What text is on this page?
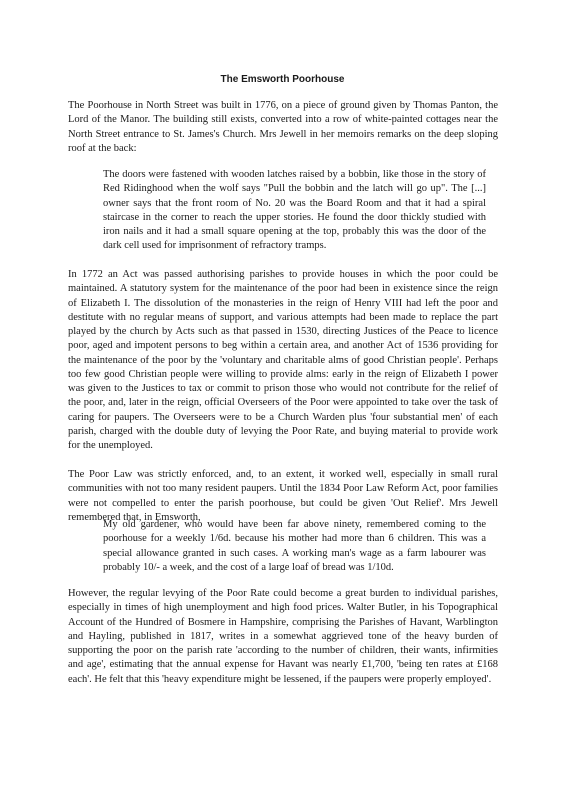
The Emsworth Poorhouse

The Poorhouse in North Street was built in 1776, on a piece of ground given by Thomas Panton, the Lord of the Manor. The building still exists, converted into a row of white-painted cottages near the North Street entrance to St. James's Church. Mrs Jewell in her memoirs remarks on the deep sloping roof at the back:

The doors were fastened with wooden latches raised by a bobbin, like those in the story of Red Ridinghood when the wolf says "Pull the bobbin and the latch will go up". The [...] owner says that the front room of No. 20 was the Board Room and that it had a spiral staircase in the corner to reach the upper stories. He found the door thickly studied with iron nails and it had a small square opening at the top, probably this was the door of the dark cell used for imprisonment of refractory tramps.

In 1772 an Act was passed authorising parishes to provide houses in which the poor could be maintained. A statutory system for the maintenance of the poor had been in existence since the reign of Elizabeth I. The dissolution of the monasteries in the reign of Henry VIII had left the poor and destitute with no regular means of support, and various attempts had been made to replace the part played by the church by Acts such as that passed in 1530, directing Justices of the Peace to licence poor, aged and impotent persons to beg within a certain area, and another Act of 1536 providing for the maintenance of the poor by the 'voluntary and charitable alms of good Christian people'. Perhaps too few good Christian people were willing to provide alms: early in the reign of Elizabeth I power was given to the Justices to tax or commit to prison those who would not contribute for the relief of the poor, and, later in the reign, official Overseers of the Poor were appointed to take over the task of caring for paupers. The Overseers were to be a Church Warden plus 'four substantial men' of each parish, charged with the double duty of levying the Poor Rate, and buying material to provide work for the unemployed.

The Poor Law was strictly enforced, and, to an extent, it worked well, especially in small rural communities with not too many resident paupers. Until the 1834 Poor Law Reform Act, poor families were not compelled to enter the parish poorhouse, but could be given 'Out Relief'. Mrs Jewell remembered that, in Emsworth,

My old gardener, who would have been far above ninety, remembered coming to the poorhouse for a weekly 1/6d. because his mother had more than 6 children. This was a special allowance granted in such cases. A working man's wage as a farm labourer was probably 10/- a week, and the cost of a large loaf of bread was 1/10d.

However, the regular levying of the Poor Rate could become a great burden to individual parishes, especially in times of high unemployment and high food prices. Walter Butler, in his Topographical Account of the Hundred of Bosmere in Hampshire, comprising the Parishes of Havant, Warblington and Hayling, published in 1817, writes in a somewhat aggrieved tone of the heavy burden of supporting the poor on the parish rate 'according to the number of children, their wants, infirmities and age', estimating that the annual expense for Havant was nearly £1,700, 'being ten rates at £168 each'. He felt that this 'heavy expenditure might be lessened, if the paupers were properly employed'.
